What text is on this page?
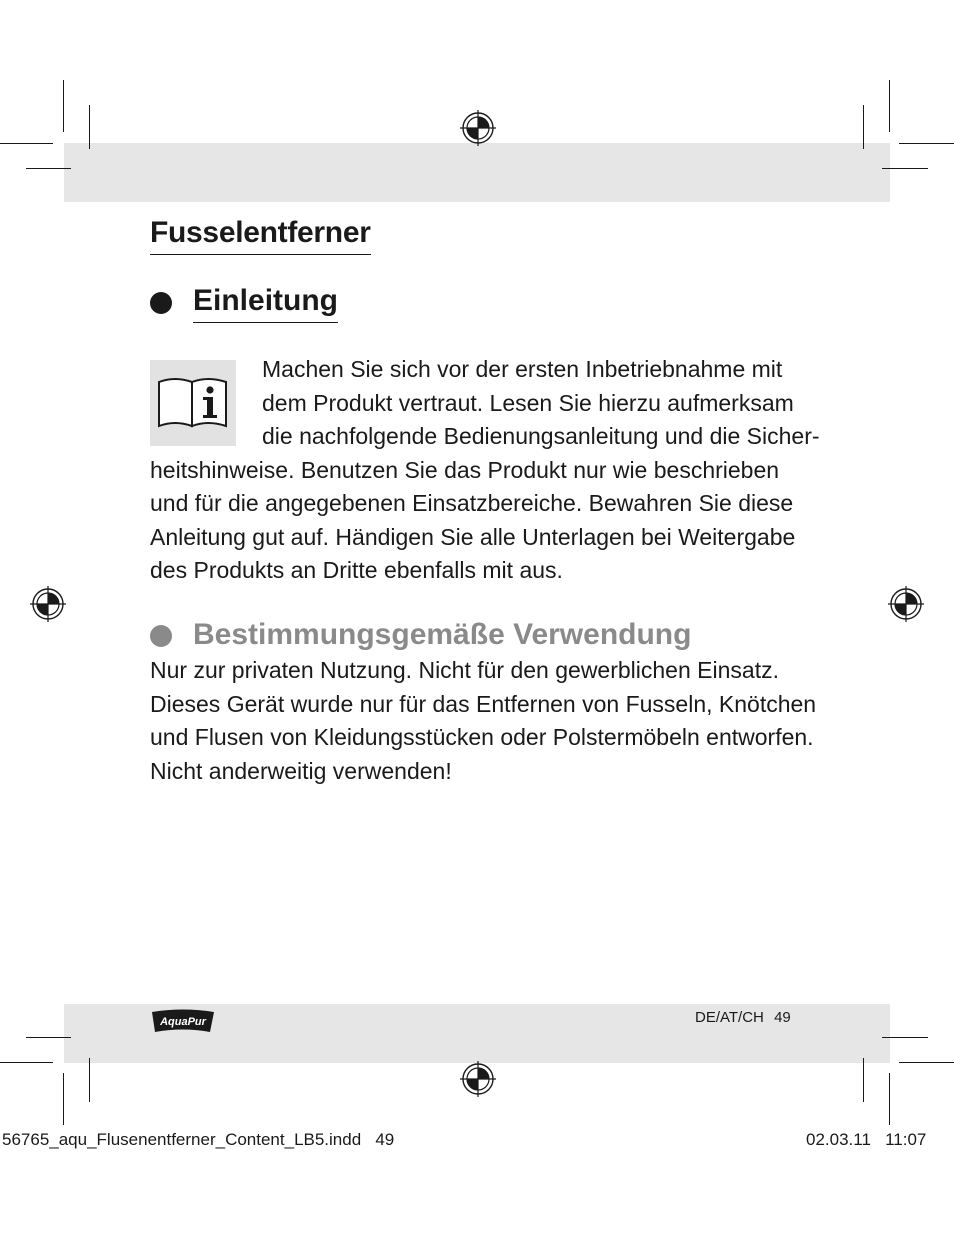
Fusselentferner
Einleitung

Machen Sie sich vor der ersten Inbetriebnahme mit

dem Produkt vertraut. Lesen Sie hierzu aufmerksam

die nachfolgende Bedienungsanleitung und die Sicher-

heitshinweise. Benutzen Sie das Produkt nur wie beschrieben

und für die angegebenen Einsatzbereiche. Bewahren Sie diese

Anleitung gut auf. Händigen Sie alle Unterlagen bei Weitergabe

des Produkts an Dritte ebenfalls mit aus.

Bestimmungsgemäße Verwendung

Nur zur privaten Nutzung. Nicht für den gewerblichen Einsatz.

Dieses Gerät wurde nur für das Entfernen von Fusseln, Knötchen

und Flusen von Kleidungsstücken oder Polstermöbeln entworfen.

Nicht anderweitig verwenden!

AquaPur	DE/AT/CH 49
56765_aqu_Flusenentferner_Content_LB5.indd   49	02.03.11   11:07
